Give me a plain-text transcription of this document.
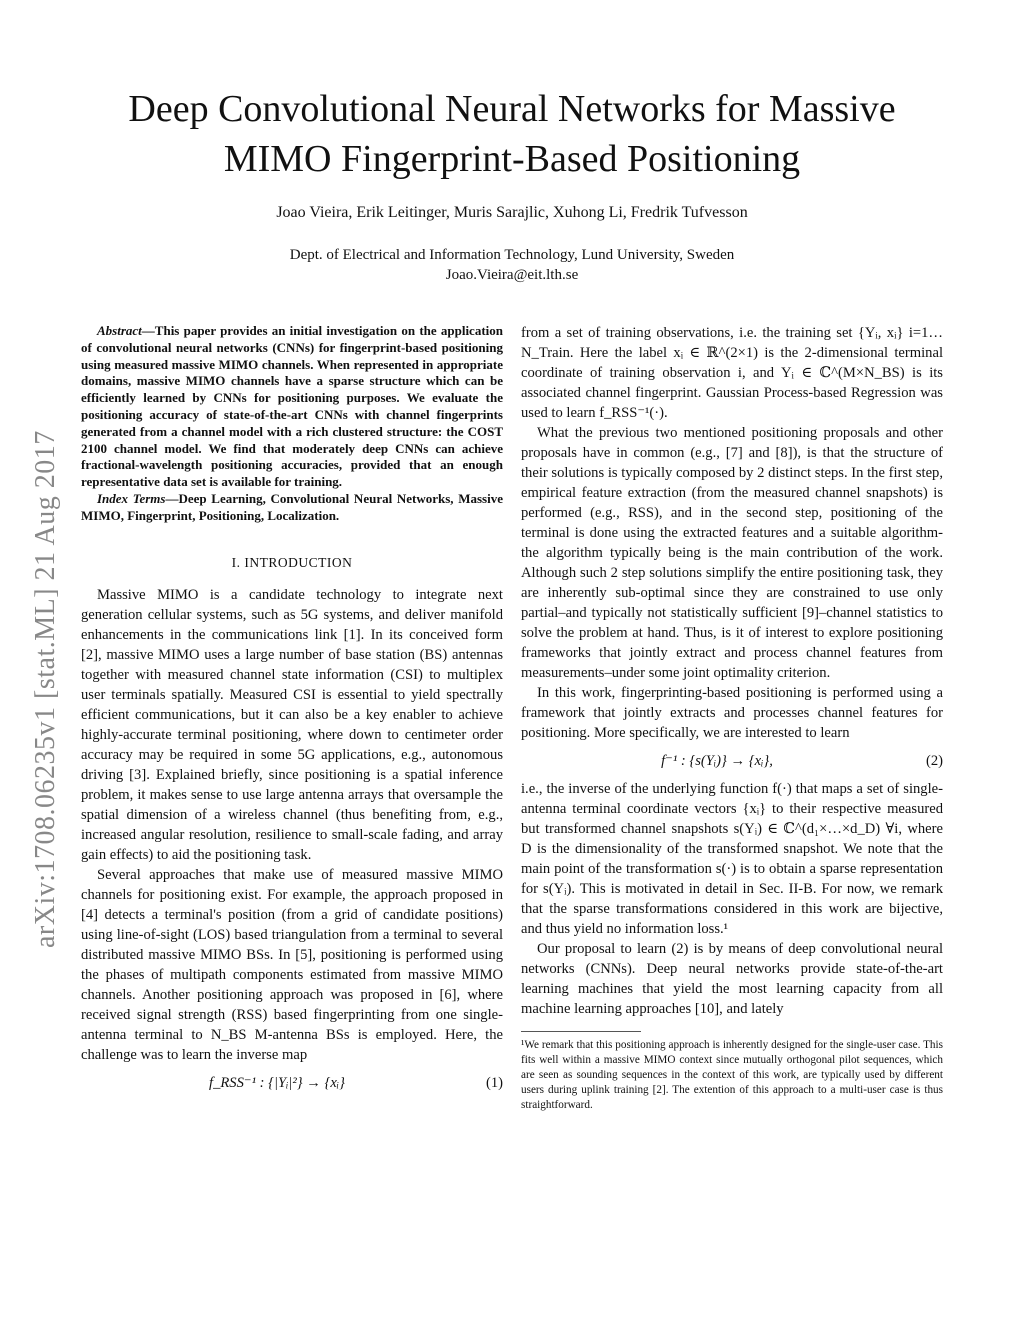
Deep Convolutional Neural Networks for Massive
MIMO Fingerprint-Based Positioning
Joao Vieira, Erik Leitinger, Muris Sarajlic, Xuhong Li, Fredrik Tufvesson
Dept. of Electrical and Information Technology, Lund University, Sweden
Joao.Vieira@eit.lth.se
arXiv:1708.06235v1 [stat.ML] 21 Aug 2017

Abstract—This paper provides an initial investigation on the application of convolutional neural networks (CNNs) for fingerprint-based positioning using measured massive MIMO channels. When represented in appropriate domains, massive MIMO channels have a sparse structure which can be efficiently learned by CNNs for positioning purposes. We evaluate the positioning accuracy of state-of-the-art CNNs with channel fingerprints generated from a channel model with a rich clustered structure: the COST 2100 channel model. We find that moderately deep CNNs can achieve fractional-wavelength positioning accuracies, provided that an enough representative data set is available for training.

Index Terms—Deep Learning, Convolutional Neural Networks, Massive MIMO, Fingerprint, Positioning, Localization.

I. INTRODUCTION

Massive MIMO is a candidate technology to integrate next generation cellular systems, such as 5G systems, and deliver manifold enhancements in the communications link [1]. In its conceived form [2], massive MIMO uses a large number of base station (BS) antennas together with measured channel state information (CSI) to multiplex user terminals spatially. Measured CSI is essential to yield spectrally efficient communications, but it can also be a key enabler to achieve highly-accurate terminal positioning, where down to centimeter order accuracy may be required in some 5G applications, e.g., autonomous driving [3]. Explained briefly, since positioning is a spatial inference problem, it makes sense to use large antenna arrays that oversample the spatial dimension of a wireless channel (thus benefiting from, e.g., increased angular resolution, resilience to small-scale fading, and array gain effects) to aid the positioning task.

Several approaches that make use of measured massive MIMO channels for positioning exist. For example, the approach proposed in [4] detects a terminal's position (from a grid of candidate positions) using line-of-sight (LOS) based triangulation from a terminal to several distributed massive MIMO BSs. In [5], positioning is performed using the phases of multipath components estimated from massive MIMO channels. Another positioning approach was proposed in [6], where received signal strength (RSS) based fingerprinting from one single-antenna terminal to N_BS M-antenna BSs is employed. Here, the challenge was to learn the inverse map

f_RSS⁻¹ : {|Yᵢ|²} → {xᵢ}	(1)

from a set of training observations, i.e. the training set {Yᵢ, xᵢ} i=1…N_Train. Here the label xᵢ ∈ ℝ^(2×1) is the 2-dimensional terminal coordinate of training observation i, and Yᵢ ∈ ℂ^(M×N_BS) is its associated channel fingerprint. Gaussian Process-based Regression was used to learn f_RSS⁻¹(·).

What the previous two mentioned positioning proposals and other proposals have in common (e.g., [7] and [8]), is that the structure of their solutions is typically composed by 2 distinct steps. In the first step, empirical feature extraction (from the measured channel snapshots) is performed (e.g., RSS), and in the second step, positioning of the terminal is done using the extracted features and a suitable algorithm-the algorithm typically being is the main contribution of the work. Although such 2 step solutions simplify the entire positioning task, they are inherently sub-optimal since they are constrained to use only partial–and typically not statistically sufficient [9]–channel statistics to solve the problem at hand. Thus, is it of interest to explore positioning frameworks that jointly extract and process channel features from measurements–under some joint optimality criterion.

In this work, fingerprinting-based positioning is performed using a framework that jointly extracts and processes channel features for positioning. More specifically, we are interested to learn

f⁻¹ : {s(Yᵢ)} → {xᵢ},	(2)

i.e., the inverse of the underlying function f(·) that maps a set of single-antenna terminal coordinate vectors {xᵢ} to their respective measured but transformed channel snapshots s(Yᵢ) ∈ ℂ^(d₁×…×d_D) ∀i, where D is the dimensionality of the transformed snapshot. We note that the main point of the transformation s(·) is to obtain a sparse representation for s(Yᵢ). This is motivated in detail in Sec. II-B. For now, we remark that the sparse transformations considered in this work are bijective, and thus yield no information loss.¹

Our proposal to learn (2) is by means of deep convolutional neural networks (CNNs). Deep neural networks provide state-of-the-art learning machines that yield the most learning capacity from all machine learning approaches [10], and lately

¹We remark that this positioning approach is inherently designed for the single-user case. This fits well within a massive MIMO context since mutually orthogonal pilot sequences, which are seen as sounding sequences in the context of this work, are typically used by different users during uplink training [2]. The extention of this approach to a multi-user case is thus straightforward.
